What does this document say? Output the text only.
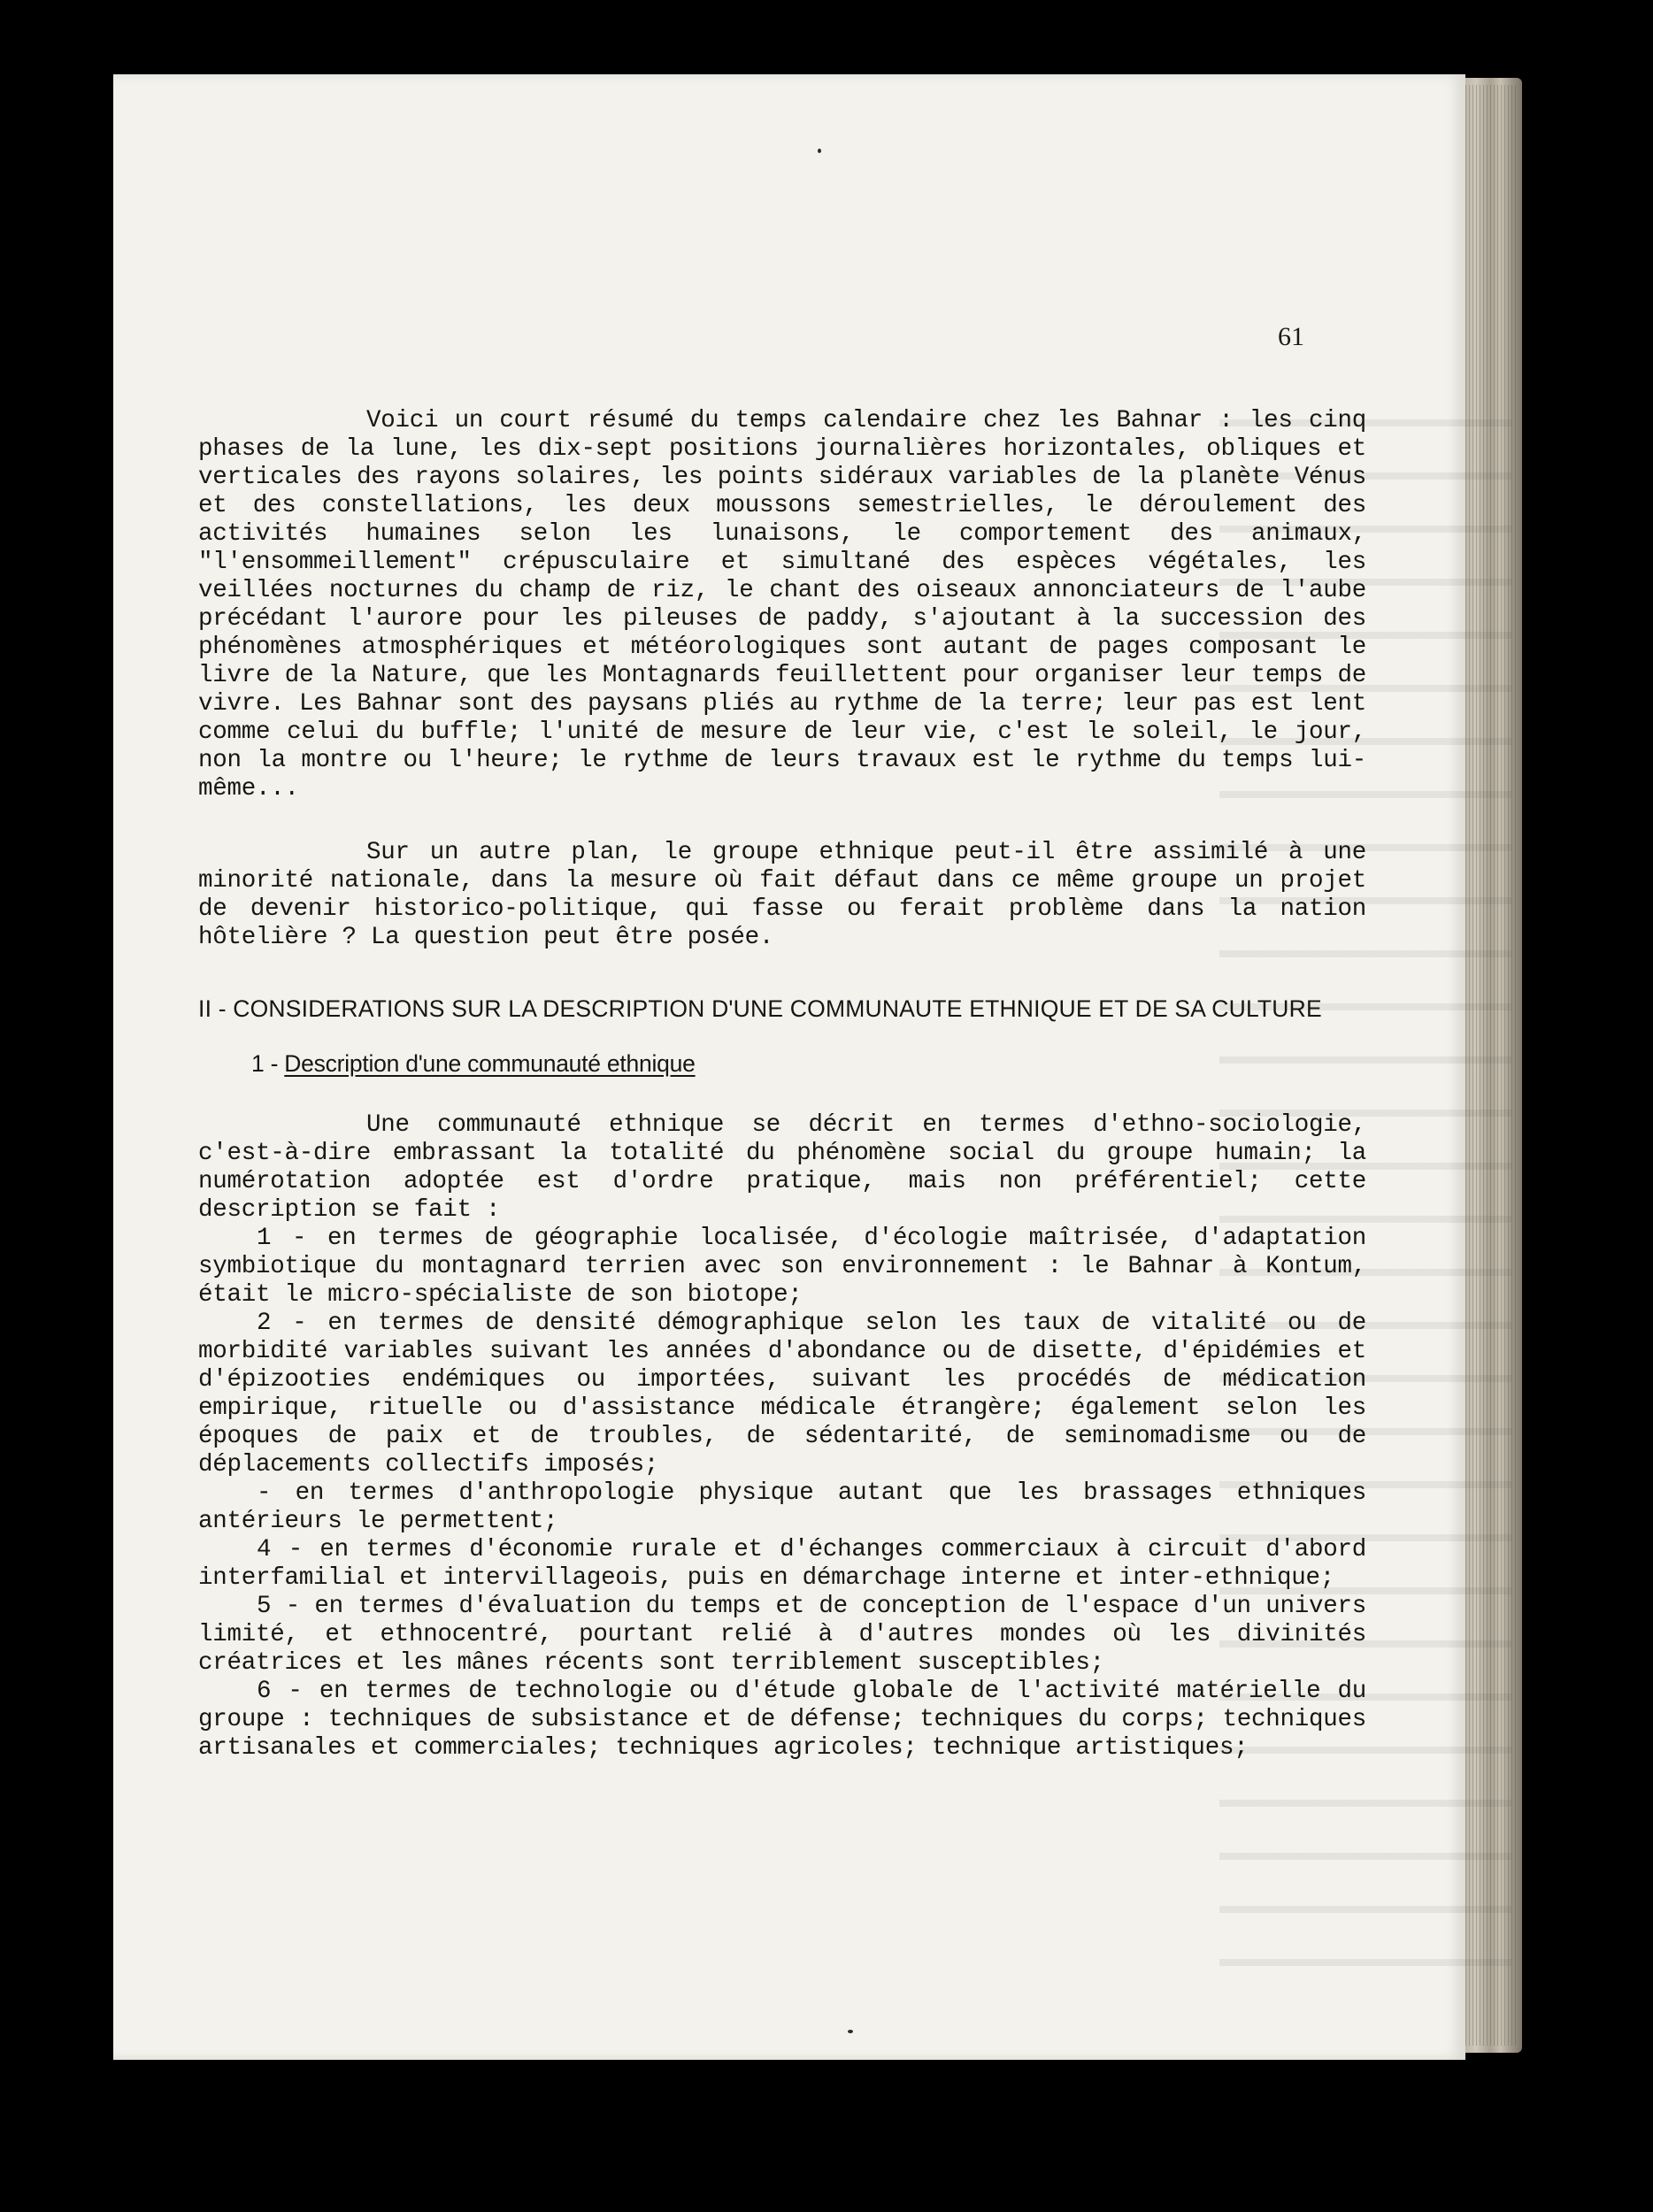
61

Voici un court résumé du temps calendaire chez les Bahnar : les cinq phases de la lune, les dix-sept positions journalières horizontales, obliques et verticales des rayons solaires, les points sidéraux variables de la planète Vénus et des constellations, les deux moussons semestrielles, le déroulement des activités humaines selon les lunaisons, le comportement des animaux, "l'ensommeillement" crépusculaire et simultané des espèces végétales, les veillées nocturnes du champ de riz, le chant des oiseaux annonciateurs de l'aube précédant l'aurore pour les pileuses de paddy, s'ajoutant à la succession des phénomènes atmosphériques et météorologiques sont autant de pages composant le livre de la Nature, que les Montagnards feuillettent pour organiser leur temps de vivre. Les Bahnar sont des paysans pliés au rythme de la terre; leur pas est lent comme celui du buffle; l'unité de mesure de leur vie, c'est le soleil, le jour, non la montre ou l'heure; le rythme de leurs travaux est le rythme du temps lui-même...

Sur un autre plan, le groupe ethnique peut-il être assimilé à une minorité nationale, dans la mesure où fait défaut dans ce même groupe un projet de devenir historico-politique, qui fasse ou ferait problème dans la nation hôtelière ? La question peut être posée.

II - CONSIDERATIONS SUR LA DESCRIPTION D'UNE COMMUNAUTE ETHNIQUE ET DE SA CULTURE

1 - Description d'une communauté ethnique

Une communauté ethnique se décrit en termes d'ethno-sociologie, c'est-à-dire embrassant la totalité du phénomène social du groupe humain; la numérotation adoptée est d'ordre pratique, mais non préférentiel; cette description se fait :

1 - en termes de géographie localisée, d'écologie maîtrisée, d'adaptation symbiotique du montagnard terrien avec son environnement : le Bahnar à Kontum, était le micro-spécialiste de son biotope;

2 - en termes de densité démographique selon les taux de vitalité ou de morbidité variables suivant les années d'abondance ou de disette, d'épidémies et d'épizooties endémiques ou importées, suivant les procédés de médication empirique, rituelle ou d'assistance médicale étrangère; également selon les époques de paix et de troubles, de sédentarité, de seminomadisme ou de déplacements collectifs imposés;

- en termes d'anthropologie physique autant que les brassages ethniques antérieurs le permettent;

4 - en termes d'économie rurale et d'échanges commerciaux à circuit d'abord interfamilial et intervillageois, puis en démarchage interne et inter-ethnique;

5 - en termes d'évaluation du temps et de conception de l'espace d'un univers limité, et ethnocentré, pourtant relié à d'autres mondes où les divinités créatrices et les mânes récents sont terriblement susceptibles;

6 - en termes de technologie ou d'étude globale de l'activité matérielle du groupe : techniques de subsistance et de défense; techniques du corps; techniques artisanales et commerciales; techniques agricoles; technique artistiques;
